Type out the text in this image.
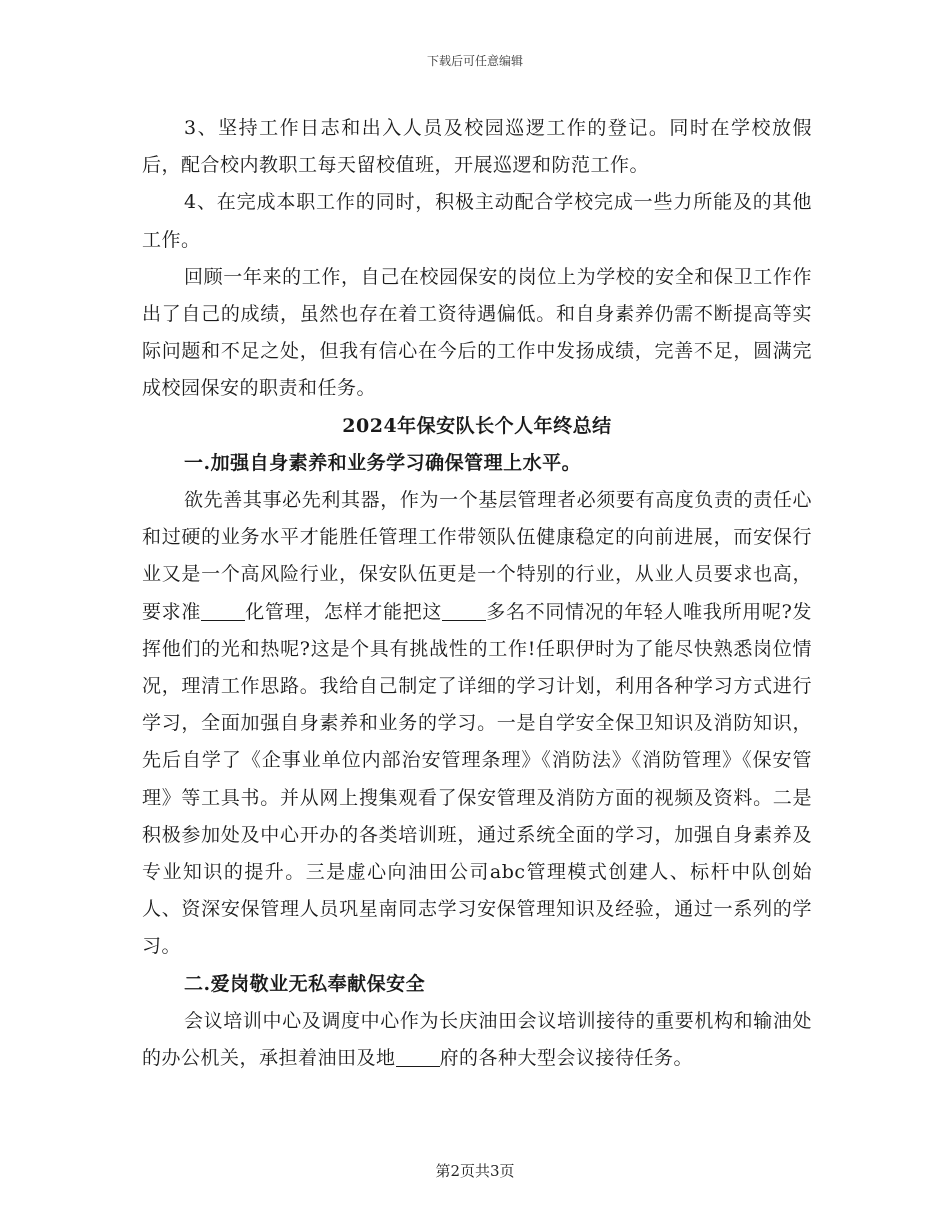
下载后可任意编辑

3、坚持工作日志和出入人员及校园巡逻工作的登记。同时在学校放假后，配合校内教职工每天留校值班，开展巡逻和防范工作。

4、在完成本职工作的同时，积极主动配合学校完成一些力所能及的其他工作。

回顾一年来的工作，自己在校园保安的岗位上为学校的安全和保卫工作作出了自己的成绩，虽然也存在着工资待遇偏低。和自身素养仍需不断提高等实际问题和不足之处，但我有信心在今后的工作中发扬成绩，完善不足，圆满完成校园保安的职责和任务。

2024年保安队长个人年终总结

一.加强自身素养和业务学习确保管理上水平。

欲先善其事必先利其器，作为一个基层管理者必须要有高度负责的责任心和过硬的业务水平才能胜任管理工作带领队伍健康稳定的向前进展，而安保行业又是一个高风险行业，保安队伍更是一个特别的行业，从业人员要求也高，要求准 化管理，怎样才能把这 多名不同情况的年轻人唯我所用呢?发挥他们的光和热呢?这是个具有挑战性的工作!任职伊时为了能尽快熟悉岗位情况，理清工作思路。我给自己制定了详细的学习计划，利用各种学习方式进行学习，全面加强自身素养和业务的学习。一是自学安全保卫知识及消防知识，先后自学了《企事业单位内部治安管理条理》《消防法》《消防管理》《保安管理》等工具书。并从网上搜集观看了保安管理及消防方面的视频及资料。二是积极参加处及中心开办的各类培训班，通过系统全面的学习，加强自身素养及专业知识的提升。三是虚心向油田公司abc管理模式创建人、标杆中队创始人、资深安保管理人员巩星南同志学习安保管理知识及经验，通过一系列的学习。

二.爱岗敬业无私奉献保安全

会议培训中心及调度中心作为长庆油田会议培训接待的重要机构和输油处的办公机关，承担着油田及地 府的各种大型会议接待任务。

第2页共3页
